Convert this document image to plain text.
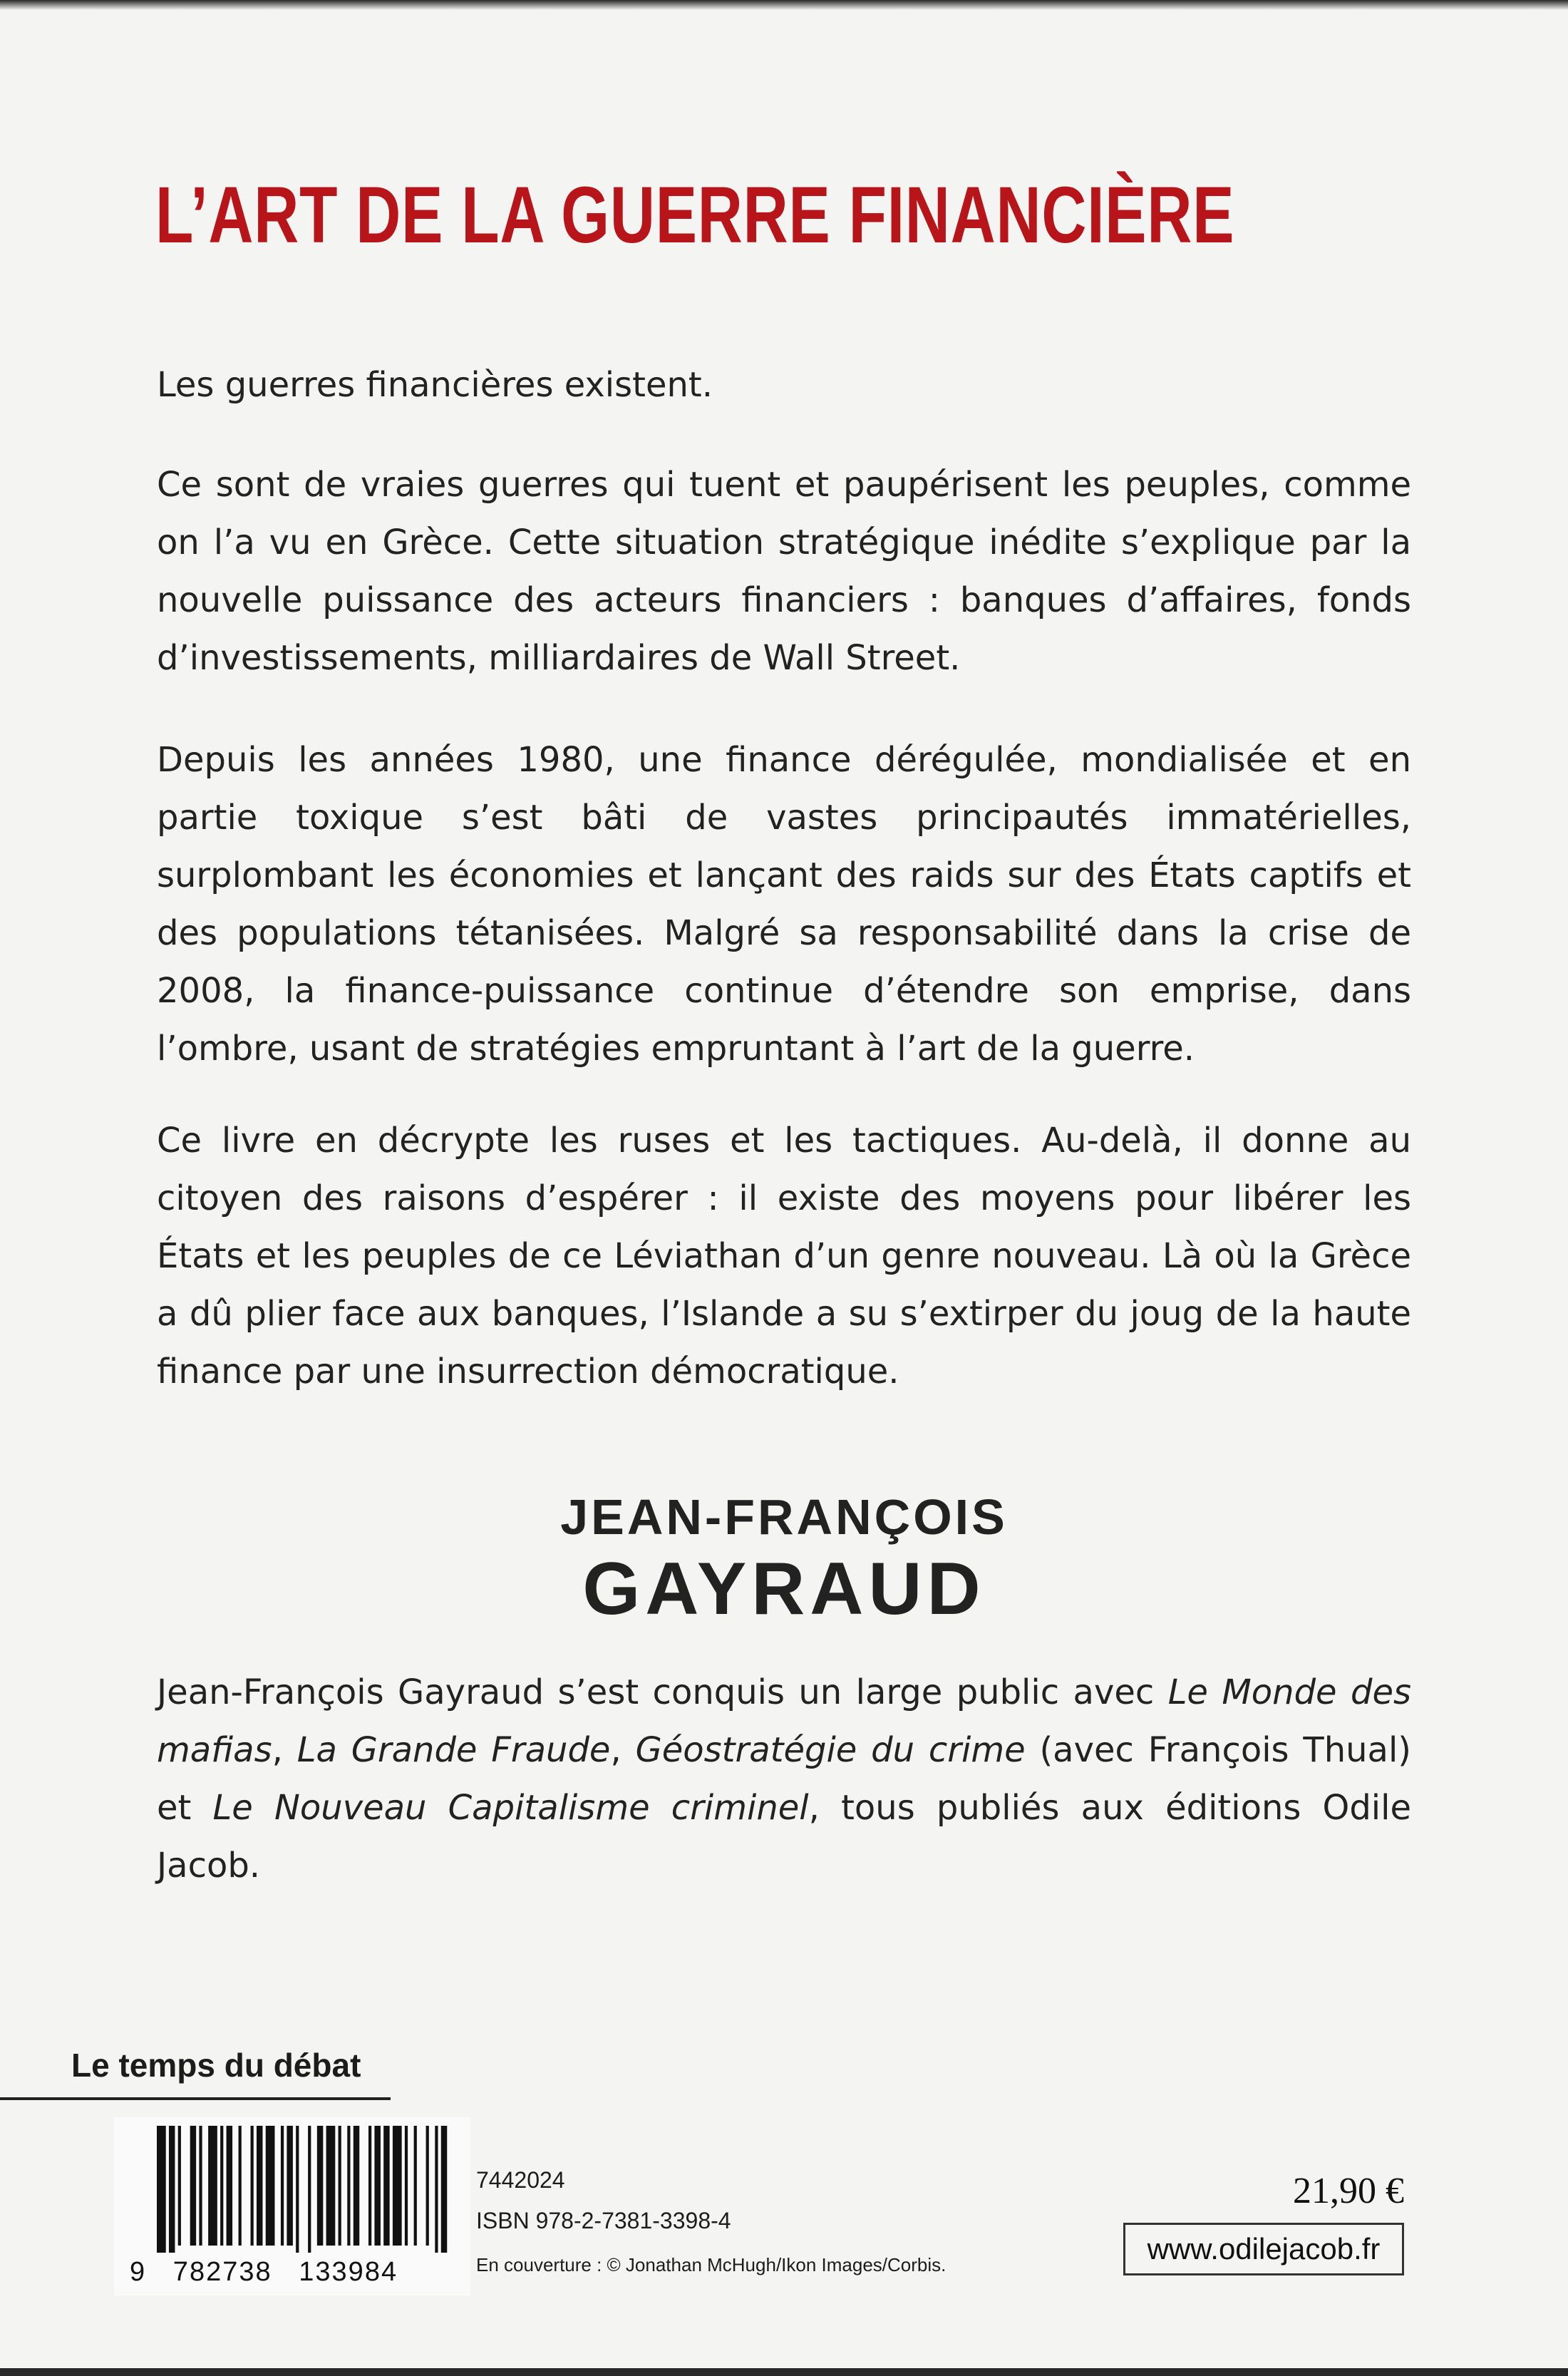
L’ART DE LA GUERRE FINANCIÈRE

Les guerres financières existent.

Ce sont de vraies guerres qui tuent et paupérisent les peuples, comme on l’a vu en Grèce. Cette situation stratégique inédite s’explique par la nouvelle puissance des acteurs financiers : banques d’affaires, fonds d’investissements, milliardaires de Wall Street.

Depuis les années 1980, une finance dérégulée, mondialisée et en partie toxique s’est bâti de vastes principautés immatérielles, surplombant les économies et lançant des raids sur des États captifs et des populations tétanisées. Malgré sa responsabilité dans la crise de 2008, la finance-puissance continue d’étendre son emprise, dans l’ombre, usant de stratégies empruntant à l’art de la guerre.

Ce livre en décrypte les ruses et les tactiques. Au-delà, il donne au citoyen des raisons d’espérer : il existe des moyens pour libérer les États et les peuples de ce Léviathan d’un genre nouveau. Là où la Grèce a dû plier face aux banques, l’Islande a su s’extirper du joug de la haute finance par une insurrection démocratique.

JEAN-FRANÇOIS
GAYRAUD

Jean-François Gayraud s’est conquis un large public avec Le Monde des mafias, La Grande Fraude, Géostratégie du crime (avec François Thual) et Le Nouveau Capitalisme criminel, tous publiés aux éditions Odile Jacob.

Le temps du débat
9   782738   133984
7442024
ISBN 978-2-7381-3398-4
En couverture : © Jonathan McHugh/Ikon Images/Corbis.
21,90 €
www.odilejacob.fr
